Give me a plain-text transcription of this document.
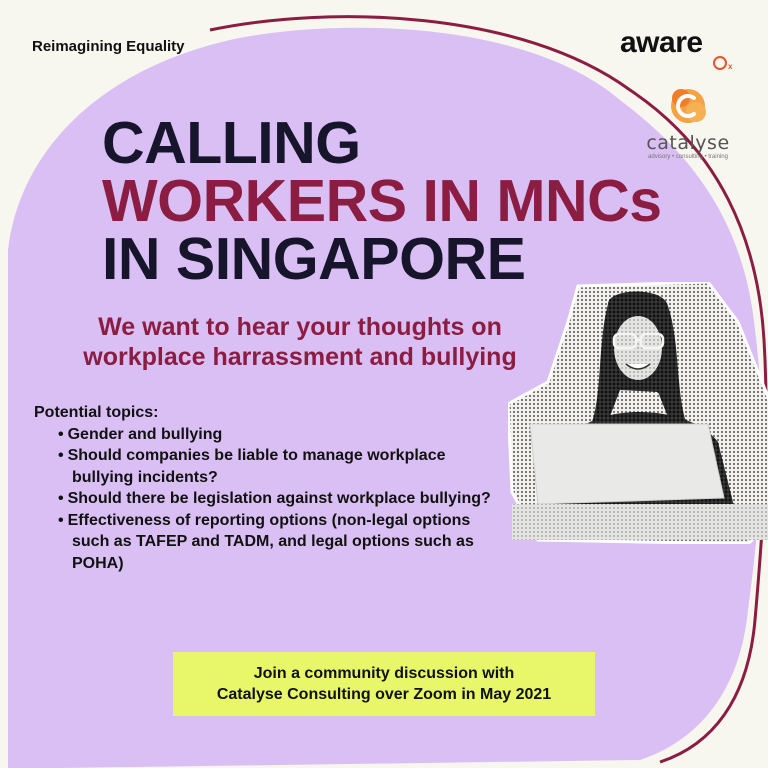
Reimagining Equality	aware
x
catalyse
advisory • consulting • training
CALLING
WORKERS IN MNCs
IN SINGAPORE
We want to hear your thoughts on
workplace harrassment and bullying
Potential topics:
• Gender and bullying
• Should companies be liable to manage workplace bullying incidents?
• Should there be legislation against workplace bullying?
• Effectiveness of reporting options (non-legal options such as TAFEP and TADM, and legal options such as POHA)
Join a community discussion with
Catalyse Consulting over Zoom in May 2021
